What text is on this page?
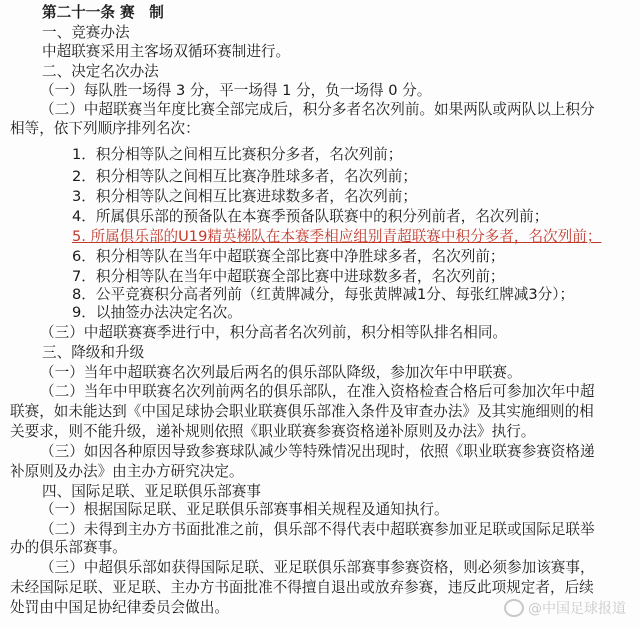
第二十一条 赛　制
一、竞赛办法
中超联赛采用主客场双循环赛制进行。
二、决定名次办法
（一）每队胜一场得 3 分，平一场得 1 分，负一场得 0 分。
（二）中超联赛当年度比赛全部完成后，积分多者名次列前。如果两队或两队以上积分
相等，依下列顺序排列名次：
1．积分相等队之间相互比赛积分多者，名次列前；
2．积分相等队之间相互比赛净胜球多者，名次列前；
3．积分相等队之间相互比赛进球数多者，名次列前；
4．所属俱乐部的预备队在本赛季预备队联赛中的积分列前者，名次列前；
5. 所属俱乐部的U19精英梯队在本赛季相应组别青超联赛中积分多者，名次列前；
6．积分相等队在当年中超联赛全部比赛中净胜球多者，名次列前；
7．积分相等队在当年中超联赛全部比赛中进球数多者，名次列前；
8．公平竞赛积分高者列前（红黄牌减分，每张黄牌减1分、每张红牌减3分）；
9．以抽签办法决定名次。
（三）中超联赛赛季进行中，积分高者名次列前，积分相等队排名相同。
三、降级和升级
（一）当年中超联赛名次列最后两名的俱乐部队降级，参加次年中甲联赛。
（二）当年中甲联赛名次列前两名的俱乐部队，在准入资格检查合格后可参加次年中超
联赛，如未能达到《中国足球协会职业联赛俱乐部准入条件及审查办法》及其实施细则的相
关要求，则不能升级，递补规则依照《职业联赛参赛资格递补原则及办法》执行。
（三）如因各种原因导致参赛球队减少等特殊情况出现时，依照《职业联赛参赛资格递
补原则及办法》由主办方研究决定。
四、国际足联、亚足联俱乐部赛事
（一）根据国际足联、亚足联俱乐部赛事相关规程及通知执行。
（二）未得到主办方书面批准之前，俱乐部不得代表中超联赛参加亚足联或国际足联举
办的俱乐部赛事。
（三）中超俱乐部如获得国际足联、亚足联俱乐部赛事参赛资格，则必须参加该赛事，
未经国际足联、亚足联、主办方书面批准不得擅自退出或放弃参赛，违反此项规定者，后续
处罚由中国足协纪律委员会做出。	@中国足球报道
